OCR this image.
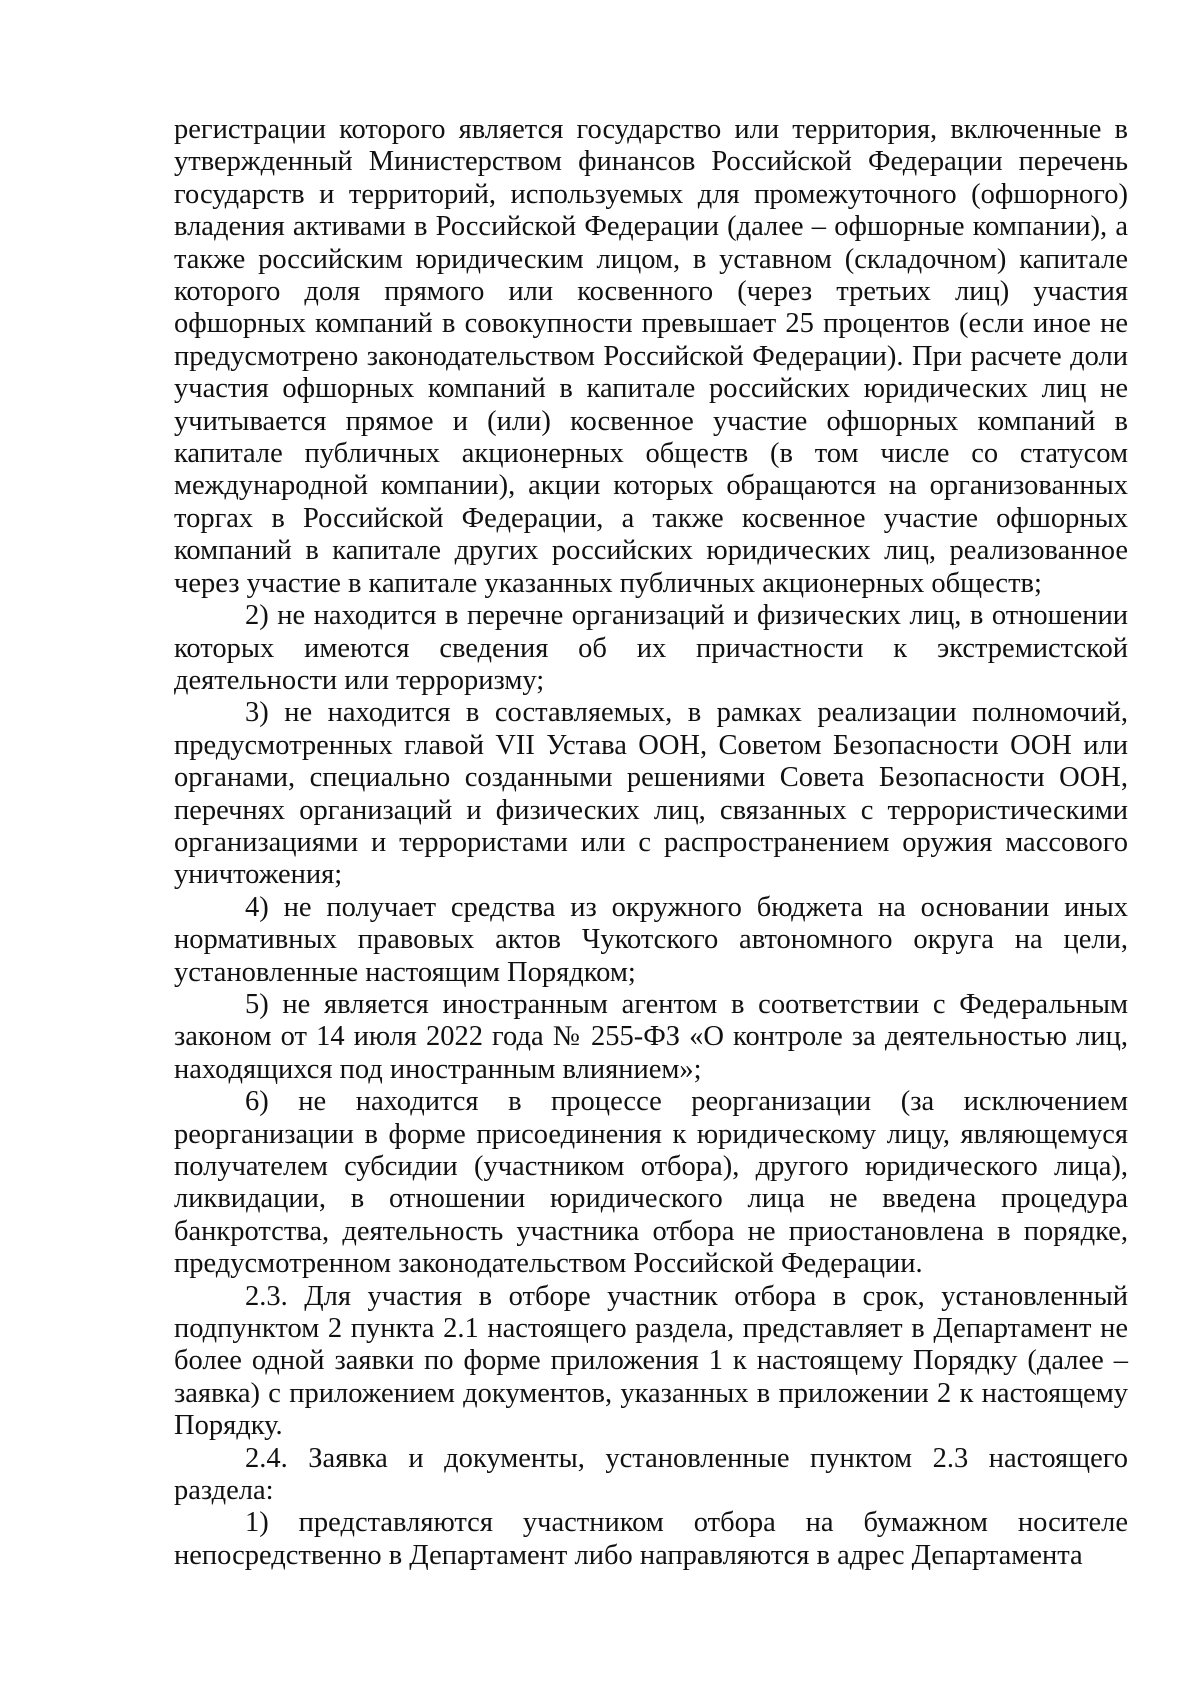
регистрации которого является государство или территория, включенные в утвержденный Министерством финансов Российской Федерации перечень государств и территорий, используемых для промежуточного (офшорного) владения активами в Российской Федерации (далее – офшорные компании), а также российским юридическим лицом, в уставном (складочном) капитале которого доля прямого или косвенного (через третьих лиц) участия офшорных компаний в совокупности превышает 25 процентов (если иное не предусмотрено законодательством Российской Федерации). При расчете доли участия офшорных компаний в капитале российских юридических лиц не учитывается прямое и (или) косвенное участие офшорных компаний в капитале публичных акционерных обществ (в том числе со статусом международной компании), акции которых обращаются на организованных торгах в Российской Федерации, а также косвенное участие офшорных компаний в капитале других российских юридических лиц, реализованное через участие в капитале указанных публичных акционерных обществ;

2) не находится в перечне организаций и физических лиц, в отношении которых имеются сведения об их причастности к экстремистской деятельности или терроризму;

3) не находится в составляемых, в рамках реализации полномочий, предусмотренных главой VII Устава ООН, Советом Безопасности ООН или органами, специально созданными решениями Совета Безопасности ООН, перечнях организаций и физических лиц, связанных с террористическими организациями и террористами или с распространением оружия массового уничтожения;

4) не получает средства из окружного бюджета на основании иных нормативных правовых актов Чукотского автономного округа на цели, установленные настоящим Порядком;

5) не является иностранным агентом в соответствии с Федеральным законом от 14 июля 2022 года № 255-ФЗ «О контроле за деятельностью лиц, находящихся под иностранным влиянием»;

6) не находится в процессе реорганизации (за исключением реорганизации в форме присоединения к юридическому лицу, являющемуся получателем субсидии (участником отбора), другого юридического лица), ликвидации, в отношении юридического лица не введена процедура банкротства, деятельность участника отбора не приостановлена в порядке, предусмотренном законодательством Российской Федерации.

2.3. Для участия в отборе участник отбора в срок, установленный подпунктом 2 пункта 2.1 настоящего раздела, представляет в Департамент не более одной заявки по форме приложения 1 к настоящему Порядку (далее – заявка) с приложением документов, указанных в приложении 2 к настоящему Порядку.

2.4. Заявка и документы, установленные пунктом 2.3 настоящего раздела:

1) представляются участником отбора на бумажном носителе непосредственно в Департамент либо направляются в адрес Департамента
